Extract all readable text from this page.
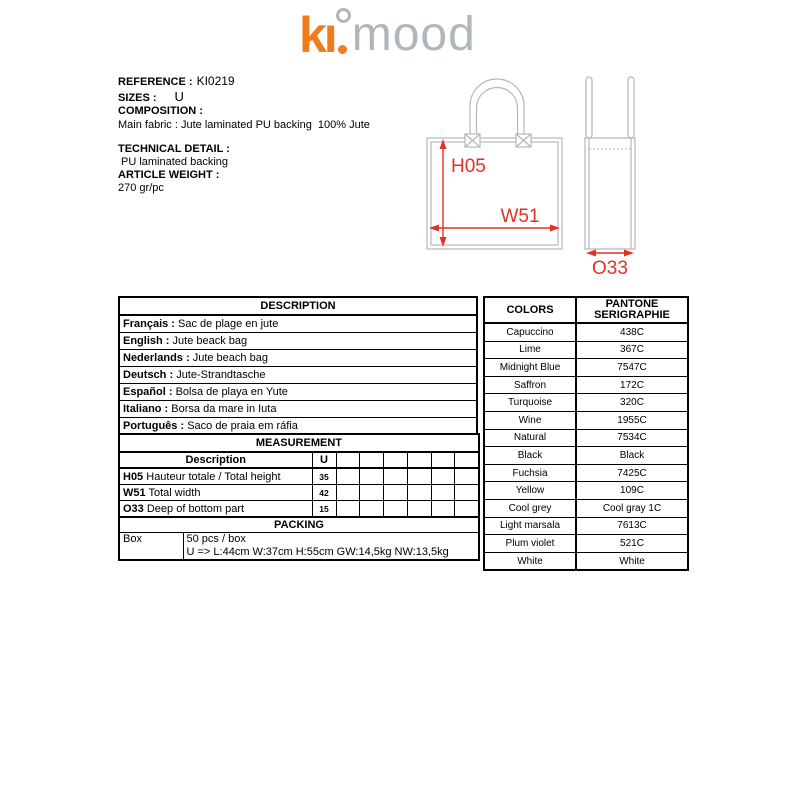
kı mood
REFERENCE : KI0219
SIZES : U
COMPOSITION :
Main fabric : Jute laminated PU backing  100% Jute
TECHNICAL DETAIL :
PU laminated backing
ARTICLE WEIGHT :
270 gr/pc
H05
W51
O33
DESCRIPTION
Français : Sac de plage en jute
English : Jute beack bag
Nederlands : Jute beach bag
Deutsch : Jute-Strandtasche
Español : Bolsa de playa en Yute
Italiano : Borsa da mare in Iuta
Português : Saco de praia em ráfia
MEASUREMENT							
Description	U						
H05 Hauteur totale / Total height	35						
W51 Total width	42						
O33 Deep of bottom part	15						
PACKING
Box	50 pcs / box
U => L:44cm W:37cm H:55cm GW:14,5kg NW:13,5kg
COLORS	PANTONE
SERIGRAPHIE

Capuccino	438C
Lime	367C
Midnight Blue	7547C
Saffron	172C
Turquoise	320C
Wine	1955C
Natural	7534C
Black	Black
Fuchsia	7425C
Yellow	109C
Cool grey	Cool gray 1C
Light marsala	7613C
Plum violet	521C
White	White
